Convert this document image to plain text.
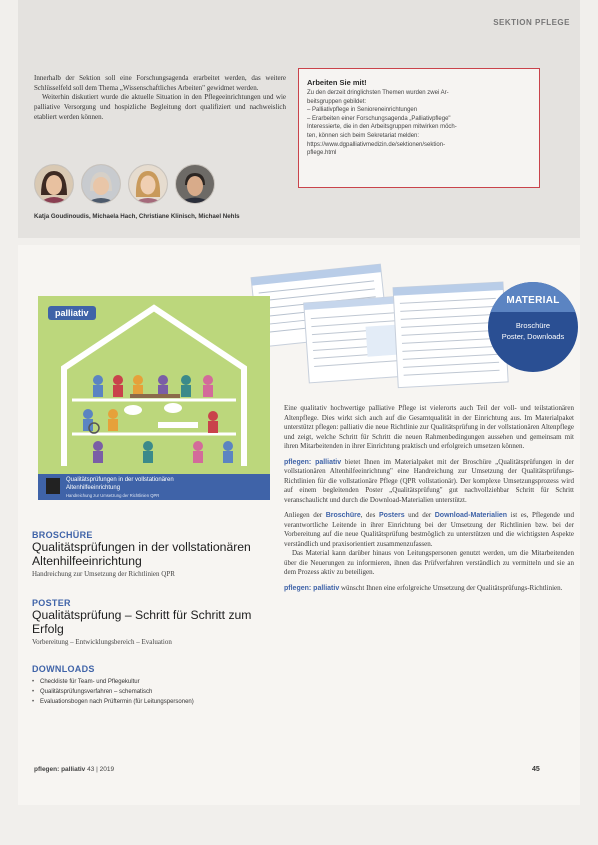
SEKTION PFLEGE

Innerhalb der Sektion soll eine Forschungsagenda erarbeitet werden, das weitere Schlüsselfeld soll dem Thema „Wissenschaftliches Arbeiten" gewidmet werden.

Weiterhin diskutiert wurde die aktuelle Situation in den Pflegeeinrichtungen und wie palliative Versorgung und hospizliche Begleitung dort qualifiziert und nachweislich etabliert werden können.

Katja Goudinoudis, Michaela Hach, Christiane Klinisch, Michael Nehls
Arbeiten Sie mit!
Zu den derzeit dringlichsten Themen wurden zwei Ar-
beitsgruppen gebildet:
– Palliativpflege in Senioreneinrichtungen
– Erarbeiten einer Forschungsagenda „Palliativpflege"
Interessierte, die in den Arbeitsgruppen mitwirken möch-
ten, können sich beim Sekretariat melden:
https://www.dgpalliativmedizin.de/sektionen/sektion-
pflege.html
palliativ
Qualitätsprüfungen in der vollstationären
Altenhilfeeinrichtung
Handreichung zur Umsetzung der Richtlinien QPR
MATERIAL
Broschüre
Poster, Downloads
BROSCHÜRE
Qualitätsprüfungen in der vollstationären Altenhilfeeinrichtung
Handreichung zur Umsetzung der Richtlinien QPR
POSTER
Qualitätsprüfung – Schritt für Schritt zum Erfolg
Vorbereitung – Entwicklungsbereich – Evaluation
DOWNLOADS
• Checkliste für Team- und Pflegekultur
• Qualitätsprüfungsverfahren – schematisch
• Evaluationsbogen nach Prüftermin (für Leitungspersonen)

Eine qualitativ hochwertige palliative Pflege ist vielerorts auch Teil der voll- und teilstationären Altenpflege. Dies wirkt sich auch auf die Gesamtqualität in der Einrichtung aus. Im Materialpaket unterstützt pflegen: palliativ die neue Richtlinie zur Qualitätsprüfung in der vollstationären Altenpflege und zeigt, welche Schritt für Schritt die neuen Rahmenbedingungen aussehen und gemeinsam mit ihren Mitarbeitenden in ihrer Einrichtung praktisch und erfolgreich umsetzen können.

pflegen: palliativ bietet Ihnen im Materialpaket mit der Broschüre „Qualitätsprüfungen in der vollstationären Altenhilfeeinrichtung" eine Handreichung zur Umsetzung der Qualitätsprüfungs-Richtlinien für die vollstationäre Pflege (QPR vollstationär). Der komplexe Umsetzungsprozess wird auf einem begleitenden Poster „Qualitätsprüfung" gut nachvollziehbar Schritt für Schritt veranschaulicht und durch die Download-Materialien unterstützt.

Anliegen der Broschüre, des Posters und der Download-Materialien ist es, Pflegende und verantwortliche Leitende in ihrer Einrichtung bei der Umsetzung der Richtlinien bzw. bei der Vorbereitung auf die neue Qualitätsprüfung bestmöglich zu unterstützen und die wichtigsten Aspekte verständlich und praxisorientiert zusammenzufassen.

Das Material kann darüber hinaus von Leitungspersonen genutzt werden, um die Mitarbeitenden über die Neuerungen zu informieren, ihnen das Prüfverfahren verständlich zu vermitteln und sie an dem Prozess aktiv zu beteiligen.

pflegen: palliativ wünscht Ihnen eine erfolgreiche Umsetzung der Qualitätsprüfungs-Richtlinien.

pflegen: palliativ 43 | 2019	45
